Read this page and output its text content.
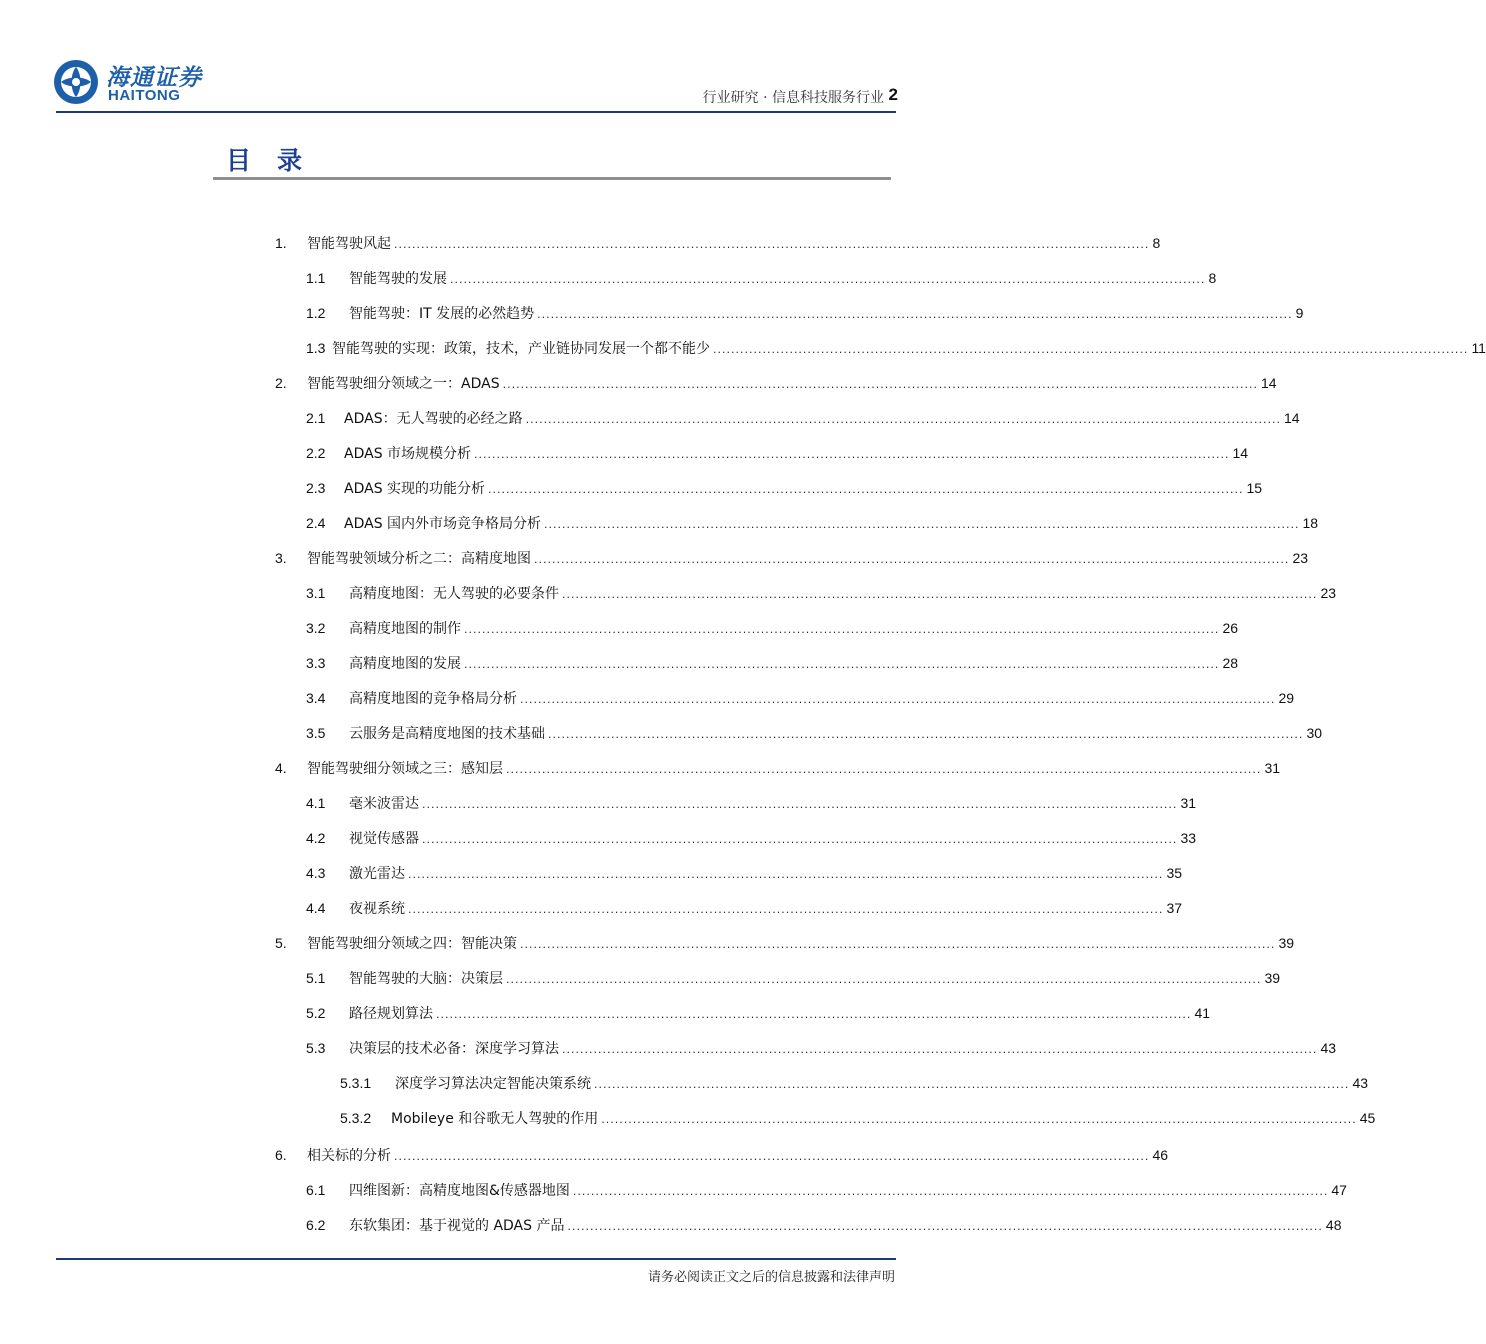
海通证券
HAITONG	行业研究 · 信息科技服务行业 2
目录
1.	智能驾驶风起 ........................................................................................................................................................................ 8
1.1	智能驾驶的发展 ........................................................................................................................................................................ 8
1.2	智能驾驶：IT 发展的必然趋势 ........................................................................................................................................................................ 9
1.3 智能驾驶的实现：政策，技术，产业链协同发展一个都不能少 ........................................................................................................................................................................ 11
2.	智能驾驶细分领域之一：ADAS ........................................................................................................................................................................ 14
2.1	ADAS：无人驾驶的必经之路 ........................................................................................................................................................................ 14
2.2	ADAS 市场规模分析 ........................................................................................................................................................................ 14
2.3	ADAS 实现的功能分析 ........................................................................................................................................................................ 15
2.4	ADAS 国内外市场竞争格局分析 ........................................................................................................................................................................ 18
3.	智能驾驶领域分析之二：高精度地图 ........................................................................................................................................................................ 23
3.1	高精度地图：无人驾驶的必要条件 ........................................................................................................................................................................ 23
3.2	高精度地图的制作 ........................................................................................................................................................................ 26
3.3	高精度地图的发展 ........................................................................................................................................................................ 28
3.4	高精度地图的竞争格局分析 ........................................................................................................................................................................ 29
3.5	云服务是高精度地图的技术基础 ........................................................................................................................................................................ 30
4.	智能驾驶细分领域之三：感知层 ........................................................................................................................................................................ 31
4.1	毫米波雷达 ........................................................................................................................................................................ 31
4.2	视觉传感器 ........................................................................................................................................................................ 33
4.3	激光雷达 ........................................................................................................................................................................ 35
4.4	夜视系统 ........................................................................................................................................................................ 37
5.	智能驾驶细分领域之四：智能决策 ........................................................................................................................................................................ 39
5.1	智能驾驶的大脑：决策层 ........................................................................................................................................................................ 39
5.2	路径规划算法 ........................................................................................................................................................................ 41
5.3	决策层的技术必备：深度学习算法 ........................................................................................................................................................................ 43
5.3.1	深度学习算法决定智能决策系统 ........................................................................................................................................................................ 43
5.3.2	Mobileye 和谷歌无人驾驶的作用 ........................................................................................................................................................................ 45
6.	相关标的分析 ........................................................................................................................................................................ 46
6.1	四维图新：高精度地图&传感器地图 ........................................................................................................................................................................ 47
6.2	东软集团：基于视觉的 ADAS 产品 ........................................................................................................................................................................ 48
请务必阅读正文之后的信息披露和法律声明
